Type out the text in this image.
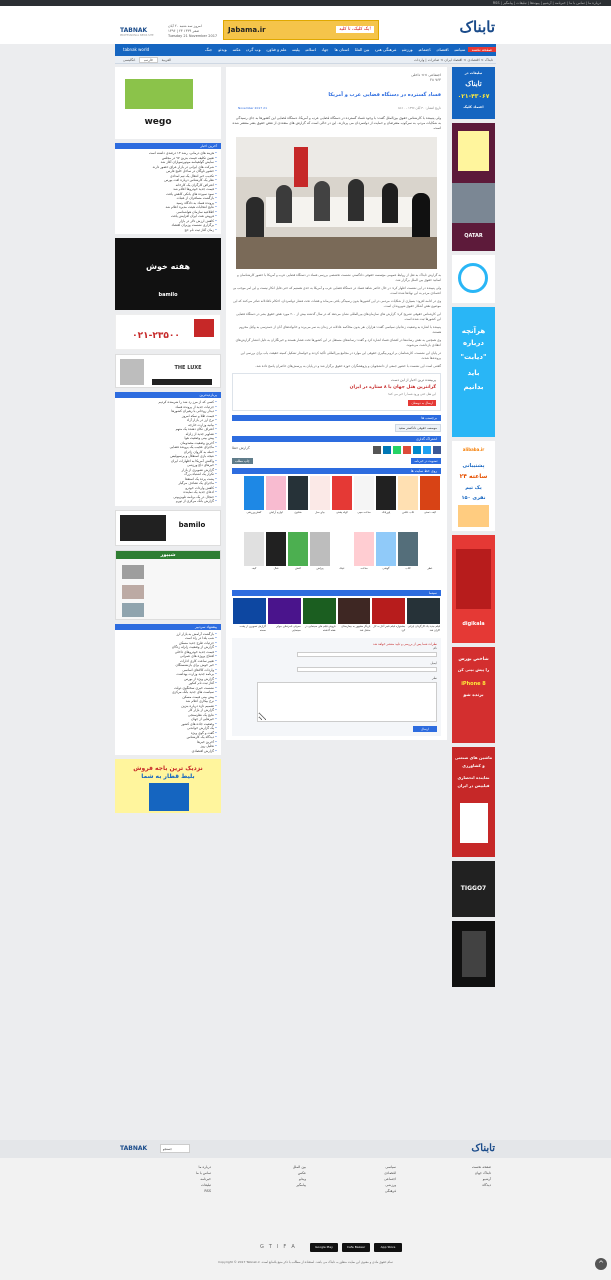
درباره ما | تماس با ما | خبرنامه | آرشیو | پیوندها | تبلیغات | پیامگیر | RSS
تابناک
Jabama.ir	یک کلیک، تا کلید!
امروز سه شنبه ۲۰ آبان
۱۳۹۶ | ۲۳ صفر ۱۴۳۹
Tuesday 21 November 2017
TABNAK
PROFESSIONAL NEWS SITE
tabnak world	صفحه نخستسیاسیاقتصادیاجتماعیورزشیفرهنگی هنریبین المللاستان هاجهاناسلامیپلیسعلم و فناوریوب گردیعکسویدئوجنگ
تابناک > اقتصادی > اقتصاد ایران > صادرات | واردات
العربيةفارسیانگلیسی
wego
آخرین اخبار
• هزینه های درمانی، رشد ۱۳ درصدی داشته است
• تعیین تکلیف قیمت بنزین ۹۷ در مجلس
• نمایش گواهینامه موتورسواران آغاز شد
• شرکت های ایرانی در بازار عراق حضور دارند
• حضور ناوگان در ساحل خلیج فارس
• تکذیب خبر انتقال یک تیم امدادی
• نظر یک کارشناس درباره افت بورس
• اعتراض کارگران یک کارخانه
• قیمت جدید خودروها اعلام شد
• سود سپرده های بانکی کاهش یافت
• بازگشت مسافران از عتبات
• پرونده فساد به دادگاه رسید
• نتایج انتخابات هیئت مدیره اعلام شد
• اطلاعیه سازمان هواشناسی
• فروش نفت ایران افزایش یافت
• کاهش ارزش دلار در بازار
• برگزاری نشست وزیران اقتصاد
• زمان آغاز ثبت نام حج
هفته خوش
bamilo
۰۲۱-۲۳۵۰۰
THE LUXE
پربازدیدترین
• کسی که از مرز رد شد را شرمنده کردیم
• جزئیات جدید از پرونده فساد
• دیدار روحانی با رهبران کشورها
• قیمت طلا و سکه امروز
• نرخ ارز در بازار آزاد
• بیانیه وزارت خارجه
• اعتراف تکان دهنده یک متهم
• تصاویر جدید از زلزله
• پیش بینی وضعیت هوا
• آخرین وضعیت مصدومان
• ماجرای عجیب یک پرونده قضایی
• حمله به کاروان زائران
• نتیجه بازی استقلال و پرسپولیس
• واکنش آمریکا به اظهارات ایران
• خبرهای داغ ورزشی
• گزارش تصویری از بازار
• تکرار یک اشتباه بزرگ
• پشت پرده یک استعفا
• ماجرای یک تصادف مرگبار
• کاهش واردات خودرو
• ادعای جدید یک نماینده
• جنجال در یک برنامه تلویزیونی
• گزارش بانک مرکزی از تورم
bamilo
شیپور
پیشنهاد سردبیر
• بازگشت آرامش به بازار ارز
• شب یلدا در راه است
• جزئیات طرح جدید مسکن
• گزارش از وضعیت زلزله زدگان
• قیمت جدید خودروهای داخلی
• افتتاح پروژه های عمرانی
• تغییر ساعت کاری ادارات
• خبر خوش برای بازنشستگان
• واردات کالاهای اساسی
• برنامه جدید وزارت بهداشت
• گزارش ویژه از بورس
• آغاز ثبت نام کنکور
• نشست خبری سخنگوی دولت
• سیاست های جدید بانک مرکزی
• پیش بینی قیمت مسکن
• نرخ بیکاری اعلام شد
• تصمیم تازه درباره بنزین
• گزارش از بازار کار
• نتایج یک نظرسنجی
• خبرهایی از جهان
• وضعیت جاده های کشور
• یک گزارش خواندنی
• گفت و گوی ویژه
• دیدگاه یک کارشناس
• آخرین خبرها
• تحلیل روز
• گزارش اقتصادی
نزدیک ترین باجه فروش
بلیط قطار به شما
تبلیغات در
تابناک
۰۲۱-۴۳۰۶۷
اعتماد کلیک
QATAR
هرآنچه
درباره
"دیابت"
باید
بدانیم
alibaba.ir
پشتیبانی
۲۴ ساعته
یک تیم
۱۵۰ نفری
digikala
شاخص بورس
را پیش بینی کن
iPhone 8
برنده شو
ماشین های صنعتی
و کشاورزی
نماینده انحصاری
فیلیپس در ایران
TIGGO7
اجتماعی >> داخلی
۷۶۴ ۲۸
فساد گسترده در دستگاه قضایی عرب و آمریکا
تاریخ انتشار: ۳۰ آبان ۱۳۹۶ - ۱۸:۱۰
21 November 2017
ولی پنیبنده با کارشناس حقوق بین‌الملل گفت: با وجود فساد گسترده در دستگاه قضایی عرب و آمریکا، دستگاه قضایی این کشورها به جای رسیدگی به شکایات مردم، به سرکوب معترضان و حمایت از دولتمردان می پردازند. این در حالی است که گزارش های متعددی از نقض حقوق بشر منتشر شده است.

به گزارش تابناک به نقل از روابط عمومی مؤسسه حقوقی دادگستر، نشست تخصصی بررسی فساد در دستگاه قضایی عرب و آمریکا با حضور کارشناسان و اساتید حقوق بین الملل برگزار شد.

ولی پنیبنده در این نشست اظهار کرد: در حال حاضر شاهد فساد در دستگاه قضایی عرب و آمریکا به حدی هستیم که حتی قابل انکار نیست و این امر موجب بی اعتمادی مردم به این نهادها شده است.

وی در ادامه افزود: بسیاری از شکایات مردمی در این کشورها بدون رسیدگی باقی می‌ماند و قضات تحت فشار دولتمردان، احکام ناعادلانه صادر می‌کنند که این موضوع نقض آشکار حقوق شهروندان است.

این کارشناس حقوقی تصریح کرد: گزارش های سازمان‌های بین‌المللی نشان می‌دهد که در سال گذشته بیش از ۲۰۰ مورد نقض حقوق بشر در دستگاه قضایی این کشورها ثبت شده است.

پنیبنده با اشاره به وضعیت زندانیان سیاسی گفت: هزاران نفر بدون محاکمه عادلانه در زندان به سر می‌برند و خانواده‌های آنان از دسترسی به وکیل محروم هستند.

وی همچنین به نقش رسانه‌ها در افشای فساد اشاره کرد و گفت: رسانه‌های مستقل در این کشورها تحت فشار هستند و خبرنگاران به دلیل انتشار گزارش‌های انتقادی بازداشت می‌شوند.

در پایان این نشست، کارشناسان بر لزوم پیگیری حقوقی این موارد در مجامع بین‌المللی تأکید کردند و خواستار تشکیل کمیته حقیقت یاب برای بررسی این پرونده‌ها شدند.

گفتنی است این نشست با حضور جمعی از دانشجویان و پژوهشگران حوزه حقوق برگزار شد و در پایان به پرسش‌های حاضران پاسخ داده شد.

پربیننده ترین اخبار از این دست
گرانترین هتل جهان با ۸ ستاره در ایران
این هتل حتی ورود شما را خبر می کند!
ارسال به دوستان
برچسب ها
موسسه حقوقی دادگستر سعید
اشتراک گذاری
گزارش خطا
عضویت در خبرنامه
چاپ مطلب
روی خط سایت ها
کیف دستی
قاب عکس
پاوربانک
ساعت مچی
کوله پشتی
چای ساز
هدفون
لوازم آرایش
کفش ورزشی
عطر
کتاب
گوشی
ساعت
عینک
پیراهن
کفش
شال
کیف
سینما
فیلم جدید یک کارگردان ایرانی اکران شد
جشنواره فیلم فجر آغاز به کار کرد
بازیگر مشهور به بیمارستان منتقل شد
فروش فیلم های سینمایی در هفته گذشته
معرفی نامزدهای جوایز سینمایی
گزارش تصویری از پشت صحنه
نظرات شما پس از بررسی و تایید منتشر خواهد شد
نام
ایمیل
نظر
ارسال
تابناک
TABNAK	جستجو
صفحه نخست
تابناک جهان
آرشیو
دیدگاه
سیاسی
اقتصادی
اجتماعی
ورزشی
فرهنگی
بین الملل
عکس
ویدئو
پیامگیر
درباره ما
تماس با ما
خبرنامه
تبلیغات
RSS
G T I F A	Google Play	Cafe Bazaar	App Store
تمام حقوق مادی و معنوی این سایت متعلق به تابناک می باشد. استفاده از مطالب با ذکر منبع بلامانع است. Copyright © 2017 Tabnak.ir	^
